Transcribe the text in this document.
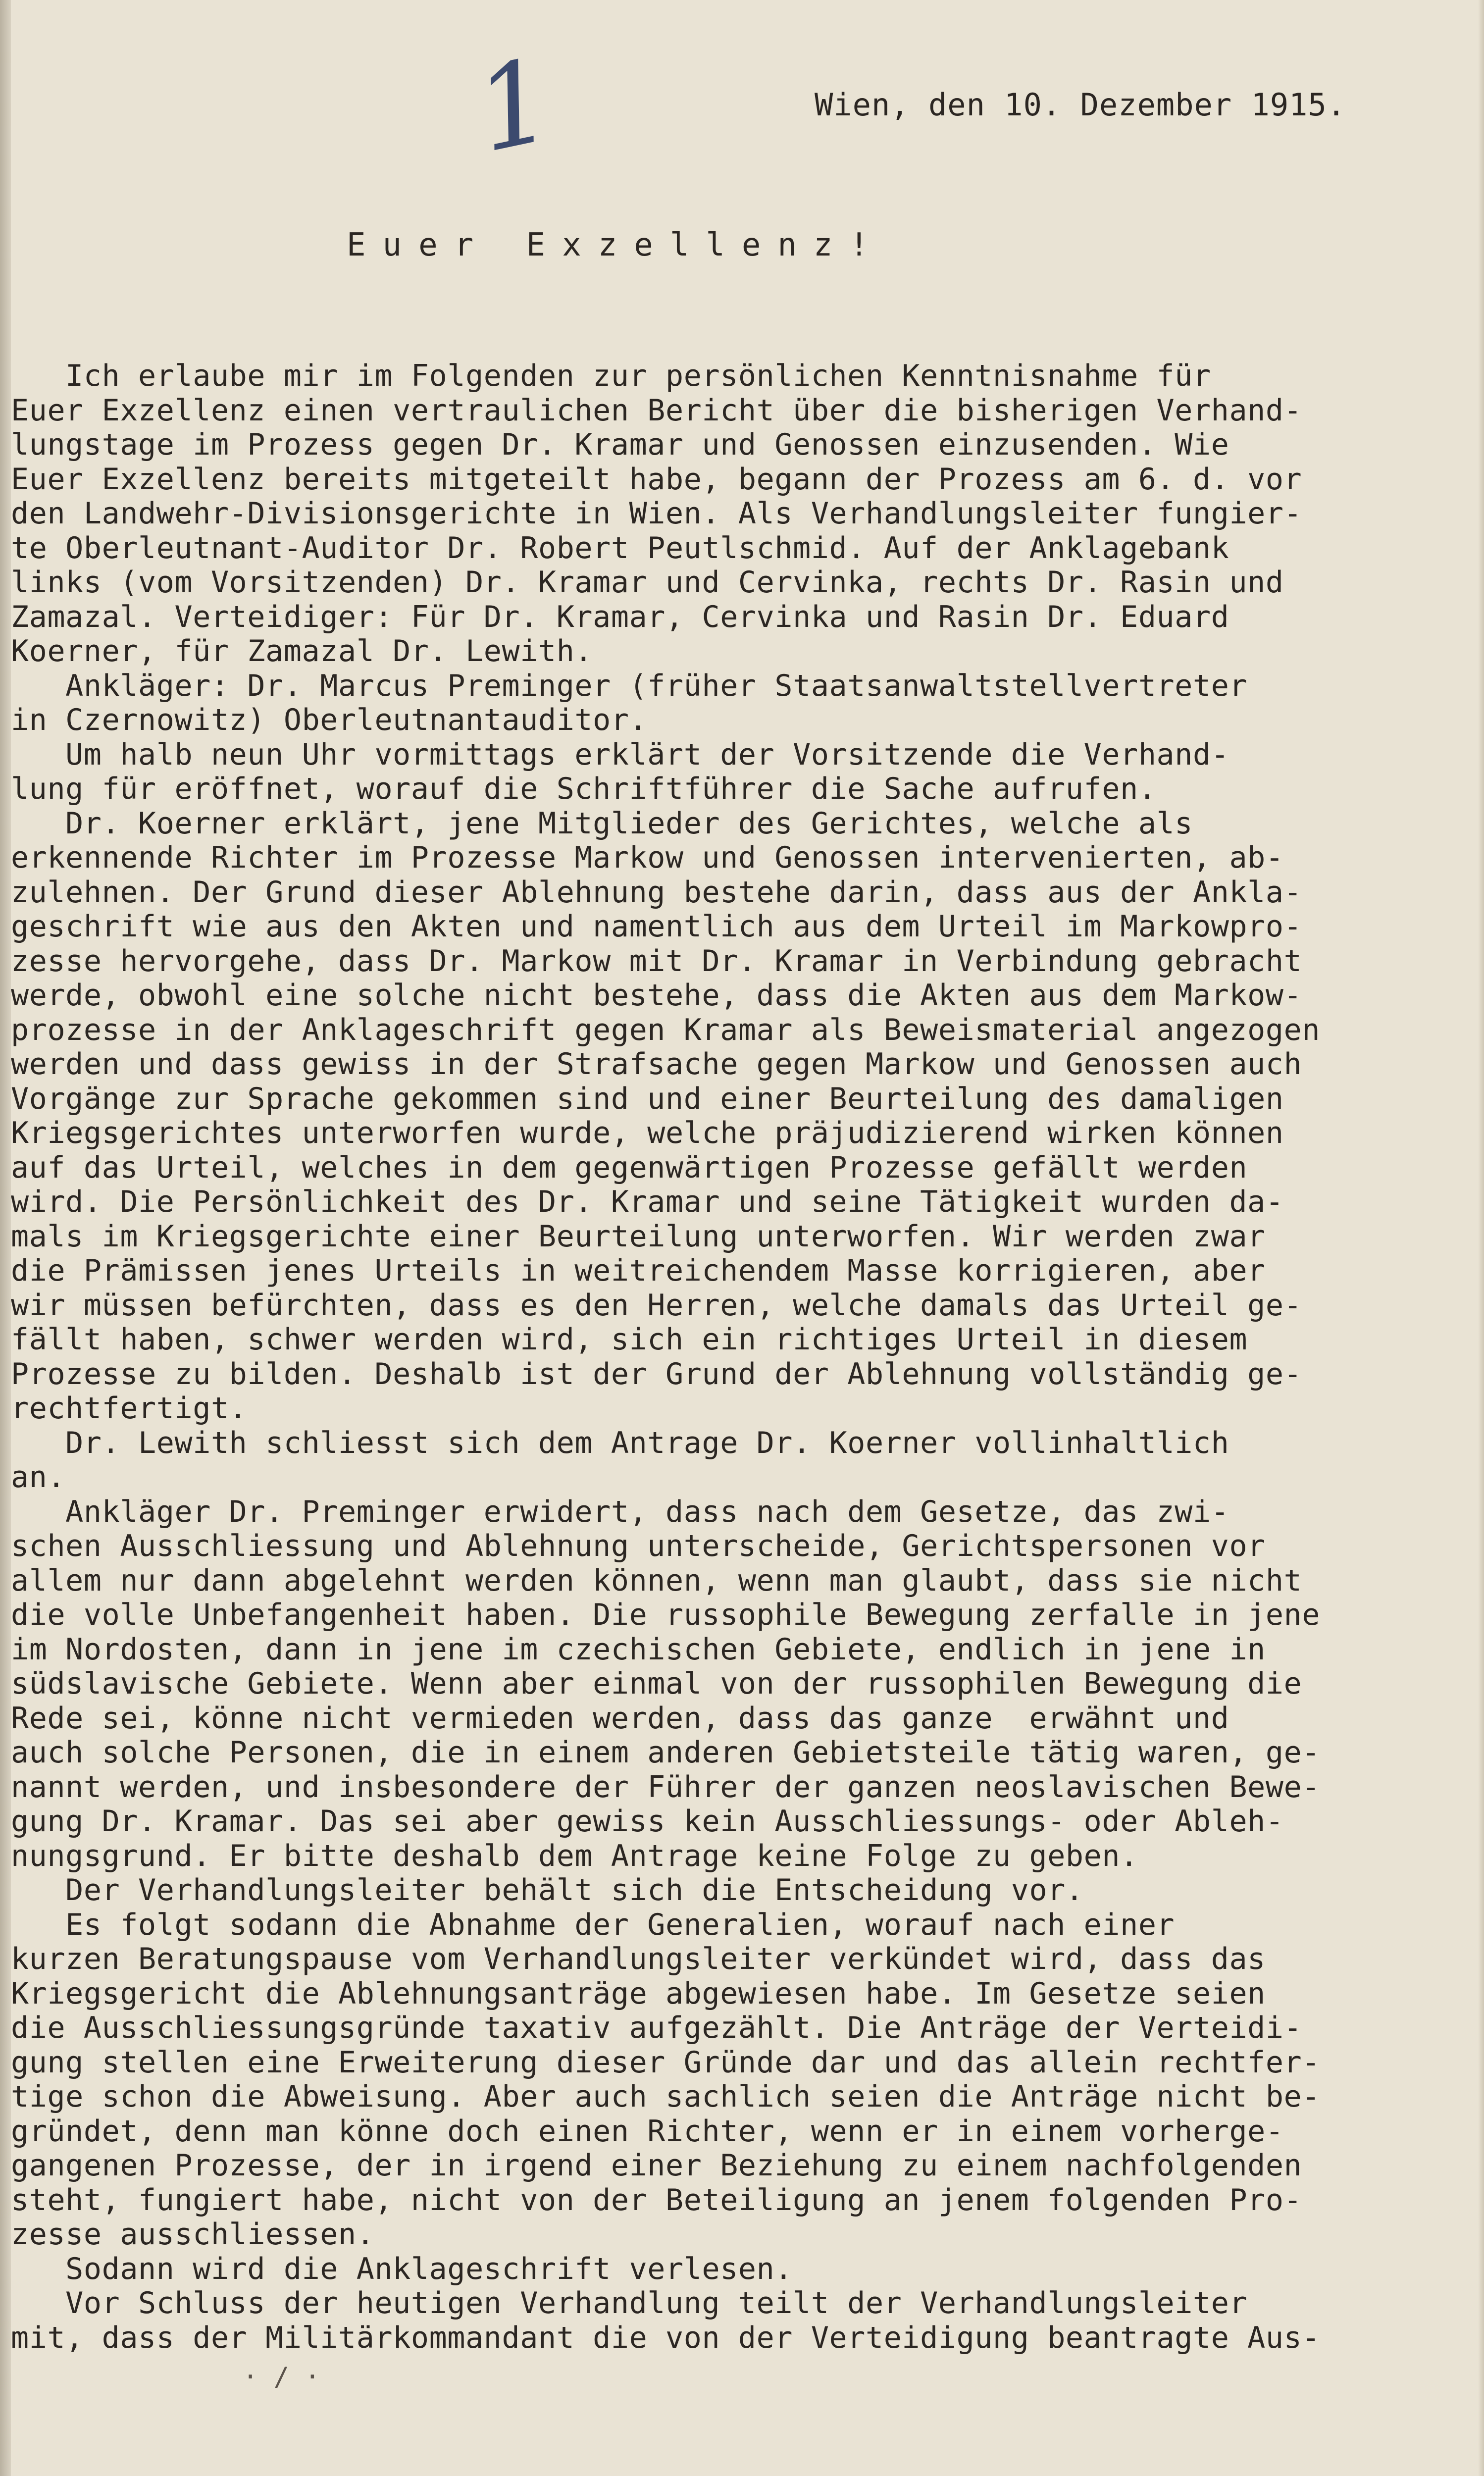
1	Wien, den 10. Dezember 1915.
Euer Exzellenz!
Ich erlaube mir im Folgenden zur persönlichen Kenntnisnahme für
Euer Exzellenz einen vertraulichen Bericht über die bisherigen Verhand-
lungstage im Prozess gegen Dr. Kramar und Genossen einzusenden. Wie
Euer Exzellenz bereits mitgeteilt habe, begann der Prozess am 6. d. vor
den Landwehr-Divisionsgerichte in Wien. Als Verhandlungsleiter fungier-
te Oberleutnant-Auditor Dr. Robert Peutlschmid. Auf der Anklagebank
links (vom Vorsitzenden) Dr. Kramar und Cervinka, rechts Dr. Rasin und
Zamazal. Verteidiger: Für Dr. Kramar, Cervinka und Rasin Dr. Eduard
Koerner, für Zamazal Dr. Lewith.
Ankläger: Dr. Marcus Preminger (früher Staatsanwaltstellvertreter
in Czernowitz) Oberleutnantauditor.
Um halb neun Uhr vormittags erklärt der Vorsitzende die Verhand-
lung für eröffnet, worauf die Schriftführer die Sache aufrufen.
Dr. Koerner erklärt, jene Mitglieder des Gerichtes, welche als
erkennende Richter im Prozesse Markow und Genossen intervenierten, ab-
zulehnen. Der Grund dieser Ablehnung bestehe darin, dass aus der Ankla-
geschrift wie aus den Akten und namentlich aus dem Urteil im Markowpro-
zesse hervorgehe, dass Dr. Markow mit Dr. Kramar in Verbindung gebracht
werde, obwohl eine solche nicht bestehe, dass die Akten aus dem Markow-
prozesse in der Anklageschrift gegen Kramar als Beweismaterial angezogen
werden und dass gewiss in der Strafsache gegen Markow und Genossen auch
Vorgänge zur Sprache gekommen sind und einer Beurteilung des damaligen
Kriegsgerichtes unterworfen wurde, welche präjudizierend wirken können
auf das Urteil, welches in dem gegenwärtigen Prozesse gefällt werden
wird. Die Persönlichkeit des Dr. Kramar und seine Tätigkeit wurden da-
mals im Kriegsgerichte einer Beurteilung unterworfen. Wir werden zwar
die Prämissen jenes Urteils in weitreichendem Masse korrigieren, aber
wir müssen befürchten, dass es den Herren, welche damals das Urteil ge-
fällt haben, schwer werden wird, sich ein richtiges Urteil in diesem
Prozesse zu bilden. Deshalb ist der Grund der Ablehnung vollständig ge-
rechtfertigt.
Dr. Lewith schliesst sich dem Antrage Dr. Koerner vollinhaltlich
an.
Ankläger Dr. Preminger erwidert, dass nach dem Gesetze, das zwi-
schen Ausschliessung und Ablehnung unterscheide, Gerichtspersonen vor
allem nur dann abgelehnt werden können, wenn man glaubt, dass sie nicht
die volle Unbefangenheit haben. Die russophile Bewegung zerfalle in jene
im Nordosten, dann in jene im czechischen Gebiete, endlich in jene in
südslavische Gebiete. Wenn aber einmal von der russophilen Bewegung die
Rede sei, könne nicht vermieden werden, dass das ganze  erwähnt und
auch solche Personen, die in einem anderen Gebietsteile tätig waren, ge-
nannt werden, und insbesondere der Führer der ganzen neoslavischen Bewe-
gung Dr. Kramar. Das sei aber gewiss kein Ausschliessungs- oder Ableh-
nungsgrund. Er bitte deshalb dem Antrage keine Folge zu geben.
Der Verhandlungsleiter behält sich die Entscheidung vor.
Es folgt sodann die Abnahme der Generalien, worauf nach einer
kurzen Beratungspause vom Verhandlungsleiter verkündet wird, dass das
Kriegsgericht die Ablehnungsanträge abgewiesen habe. Im Gesetze seien
die Ausschliessungsgründe taxativ aufgezählt. Die Anträge der Verteidi-
gung stellen eine Erweiterung dieser Gründe dar und das allein rechtfer-
tige schon die Abweisung. Aber auch sachlich seien die Anträge nicht be-
gründet, denn man könne doch einen Richter, wenn er in einem vorherge-
gangenen Prozesse, der in irgend einer Beziehung zu einem nachfolgenden
steht, fungiert habe, nicht von der Beteiligung an jenem folgenden Pro-
zesse ausschliessen.
Sodann wird die Anklageschrift verlesen.
Vor Schluss der heutigen Verhandlung teilt der Verhandlungsleiter
mit, dass der Militärkommandant die von der Verteidigung beantragte Aus-
· / ·
